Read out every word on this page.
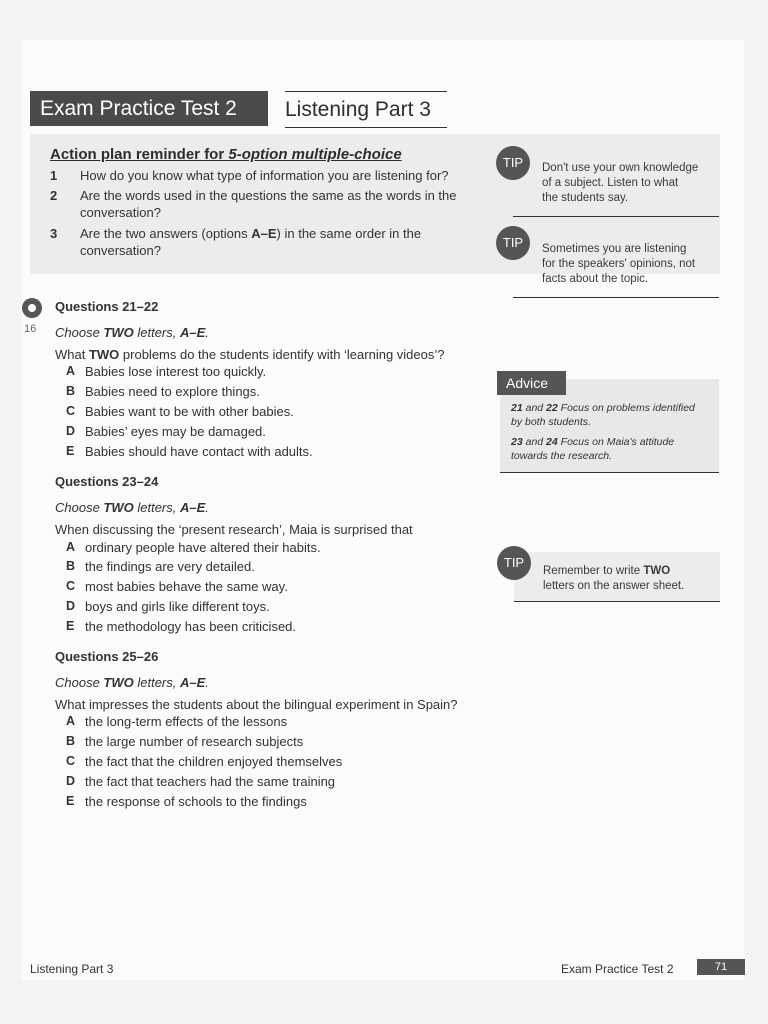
Exam Practice Test 2	Listening Part 3
Action plan reminder for 5-option multiple-choice
1 How do you know what type of information you are listening for?
2 Are the words used in the questions the same as the words in the
conversation?
3 Are the two answers (options A–E) in the same order in the
conversation?
TIP	Don't use your own knowledge
of a subject. Listen to what
the students say.
TIP	Sometimes you are listening
for the speakers' opinions, not
facts about the topic.
16
Questions 21–22
Choose TWO letters, A–E.
What TWO problems do the students identify with ‘learning videos’?
A Babies lose interest too quickly.
B Babies need to explore things.
C Babies want to be with other babies.
D Babies’ eyes may be damaged.
E Babies should have contact with adults.
Questions 23–24
Choose TWO letters, A–E.
When discussing the ‘present research’, Maia is surprised that
A ordinary people have altered their habits.
B the findings are very detailed.
C most babies behave the same way.
D boys and girls like different toys.
E the methodology has been criticised.
Questions 25–26
Choose TWO letters, A–E.
What impresses the students about the bilingual experiment in Spain?
A the long-term effects of the lessons
B the large number of research subjects
C the fact that the children enjoyed themselves
D the fact that teachers had the same training
E the response of schools to the findings
Advice
21 and 22 Focus on problems identified
by both students.
23 and 24 Focus on Maia's attitude
towards the research.
TIP
Remember to write TWO
letters on the answer sheet.
Listening Part 3	Exam Practice Test 2	71
